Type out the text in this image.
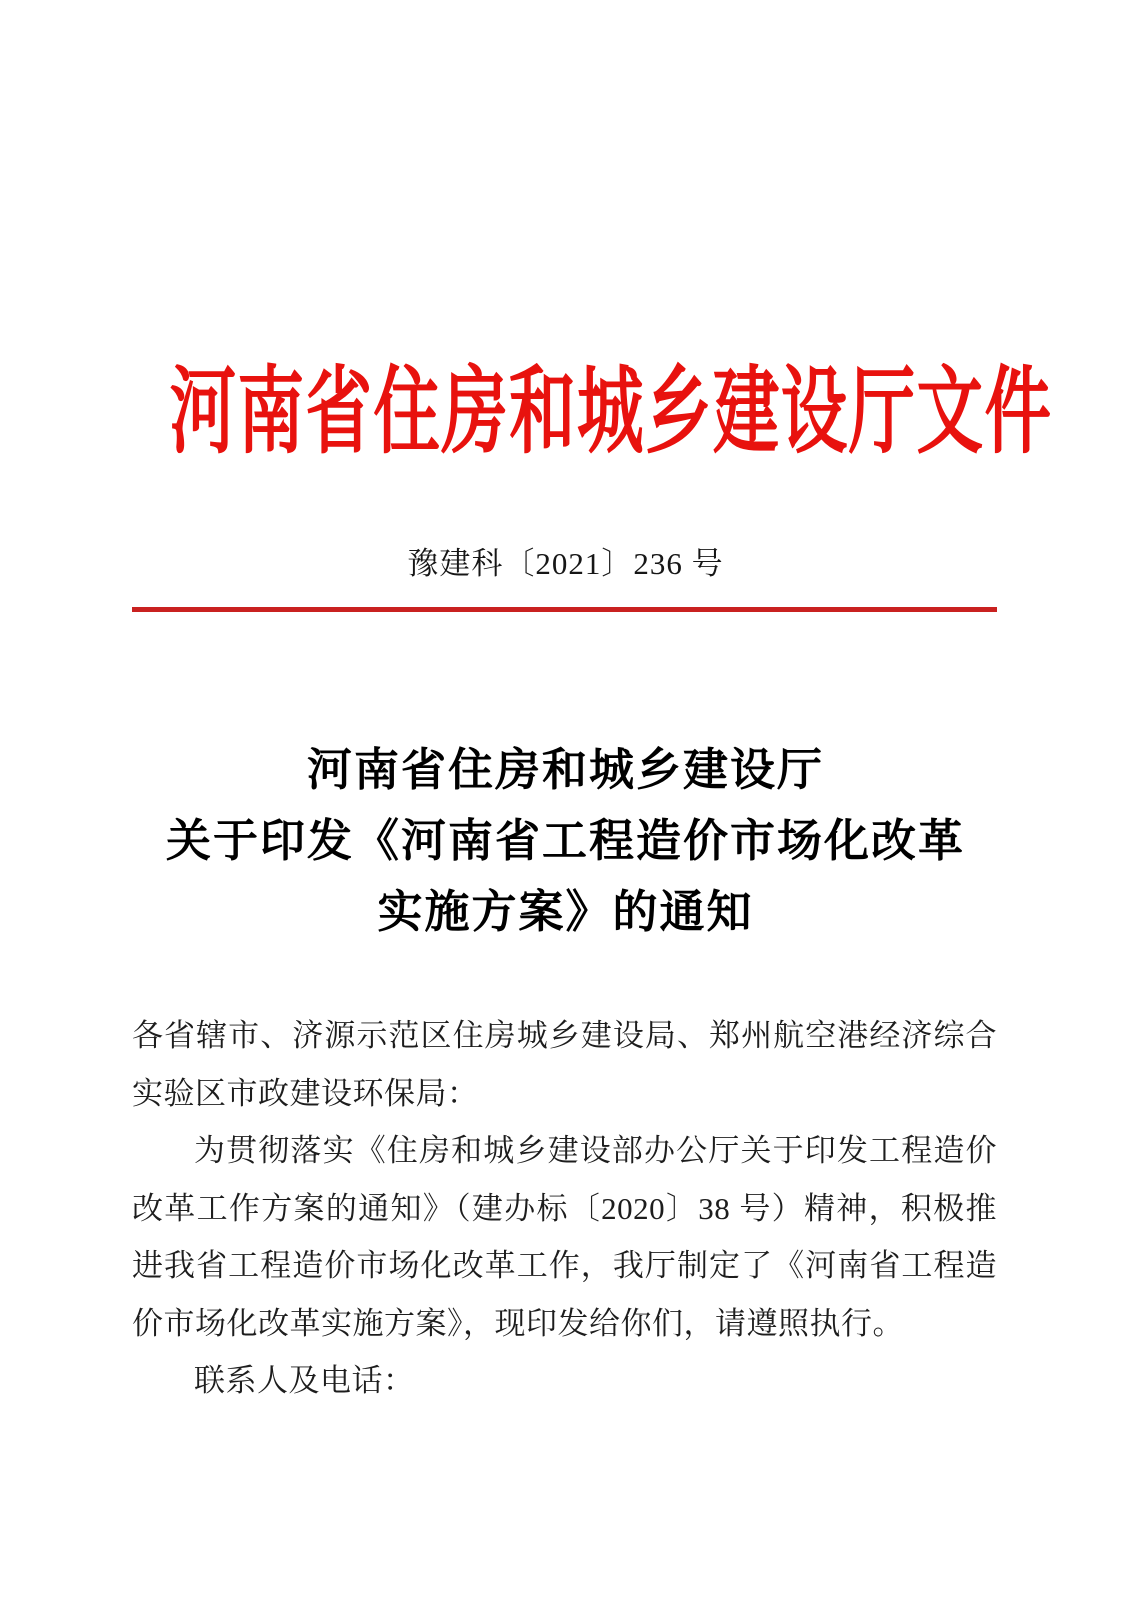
河南省住房和城乡建设厅文件
豫建科〔2021〕236 号
河南省住房和城乡建设厅
关于印发《河南省工程造价市场化改革
实施方案》的通知

各省辖市、济源示范区住房城乡建设局、郑州航空港经济综合实验区市政建设环保局：

为贯彻落实《住房和城乡建设部办公厅关于印发工程造价改革工作方案的通知》（建办标〔2020〕38 号）精神，积极推进我省工程造价市场化改革工作，我厅制定了《河南省工程造价市场化改革实施方案》，现印发给你们，请遵照执行。

联系人及电话：
